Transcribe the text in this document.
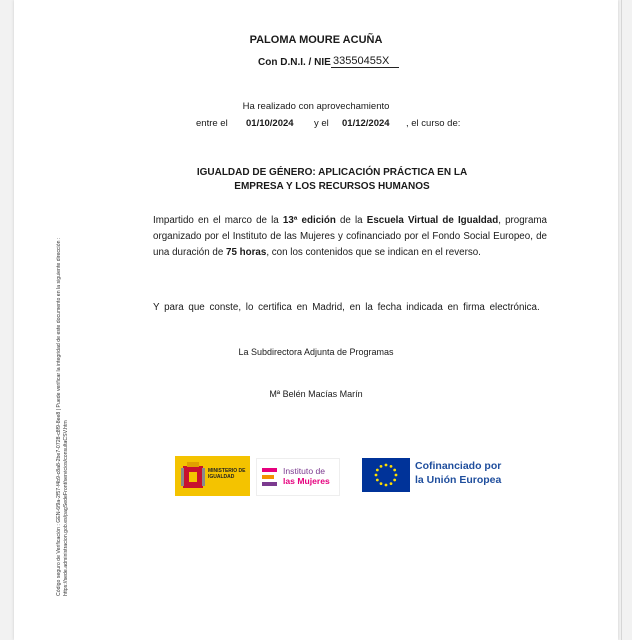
PALOMA MOURE ACUÑA
Con D.N.I. / NIE 33550455X
Ha realizado con aprovechamiento
entre el 01/10/2024 y el 01/12/2024 , el curso de:
IGUALDAD DE GÉNERO: APLICACIÓN PRÁCTICA EN LA EMPRESA Y LOS RECURSOS HUMANOS
Impartido en el marco de la 13ª edición de la Escuela Virtual de Igualdad, programa organizado por el Instituto de las Mujeres y cofinanciado por el Fondo Social Europeo, de una duración de 75 horas, con los contenidos que se indican en el reverso.
Y para que conste, lo certifica en Madrid, en la fecha indicada en firma electrónica.
La Subdirectora Adjunta de Programas
Mª Belén Macías Marín
Código seguro de Verificación : GEN-6f9a-2f57-f4b9-c8a8-2be7-0728-c8f9-8ee8 | Puede verificar la integridad de este documento en la siguiente dirección : https://sede.administracion.gob.es/pagSedeFront/servicios/consultaCSV.htm	MINISTERIO DE IGUALDAD
Instituto de
las Mujeres
Cofinanciado por
la Unión Europea
